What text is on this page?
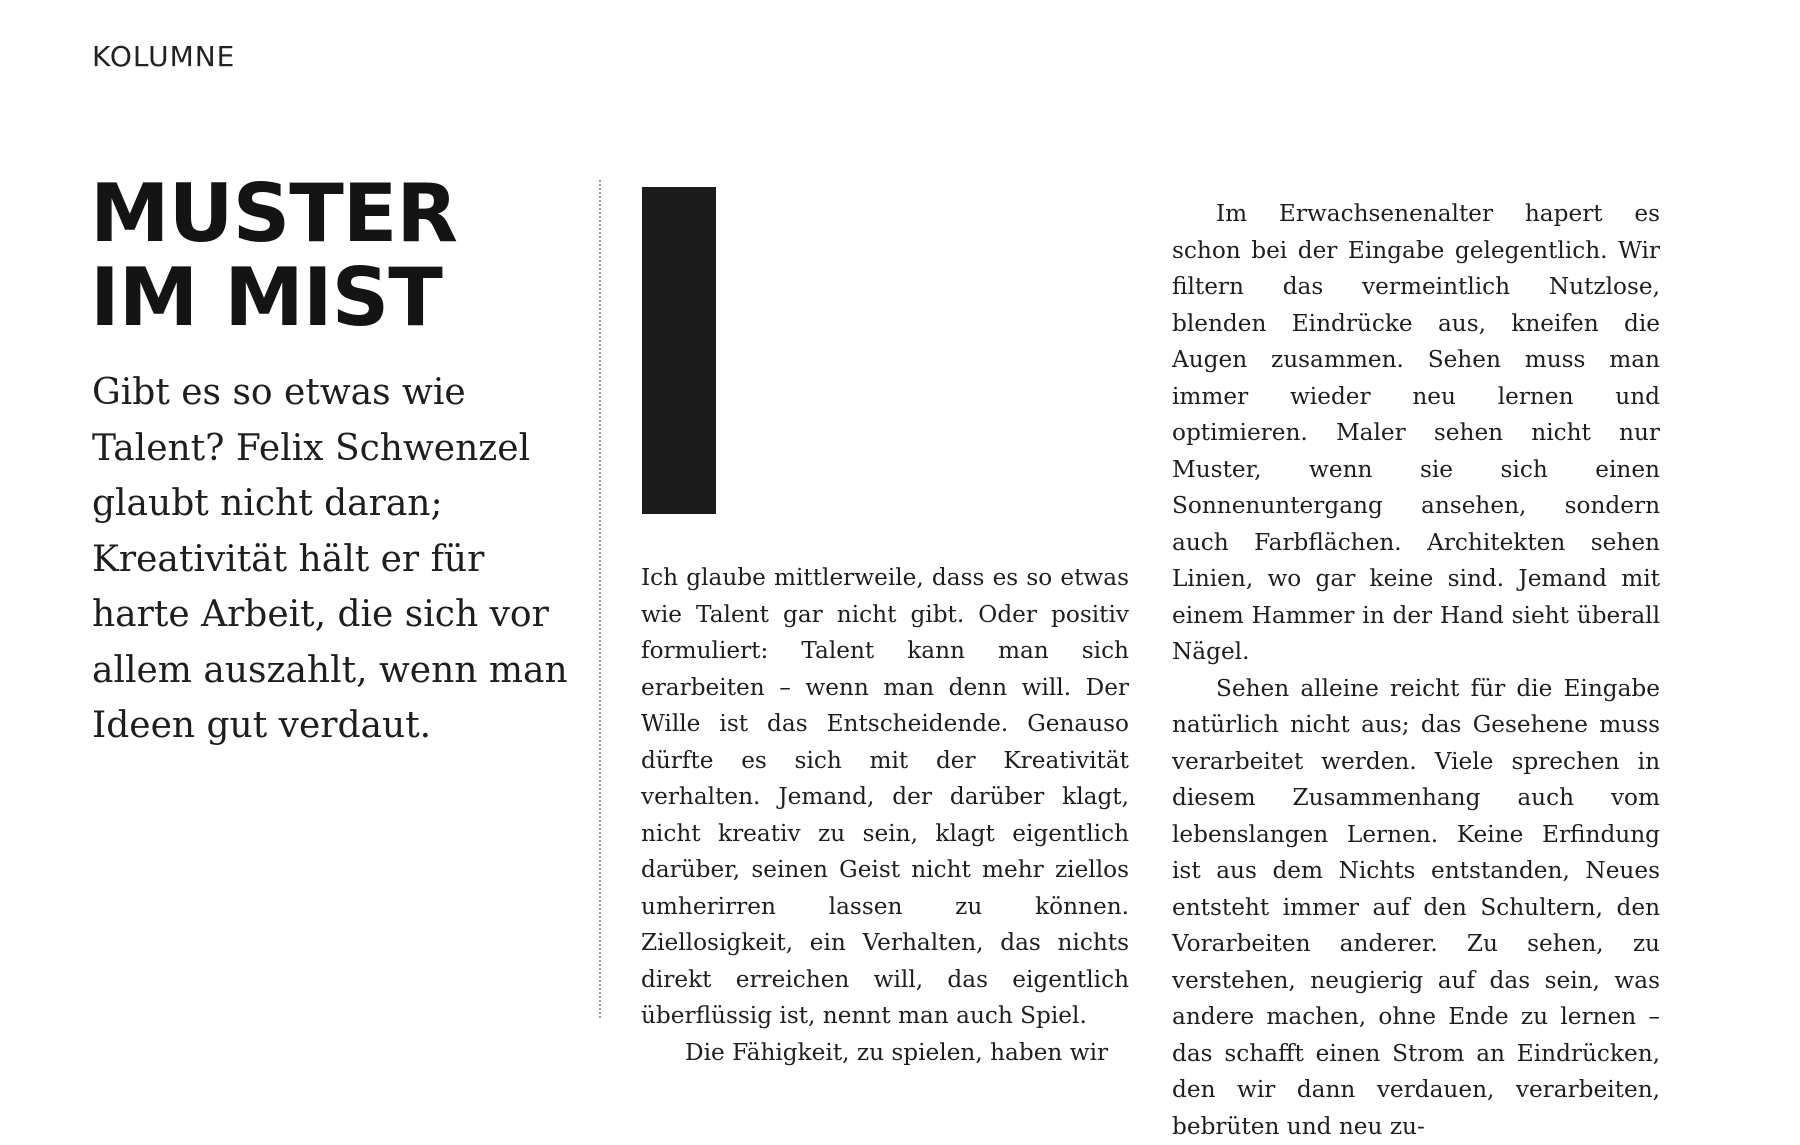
KOLUMNE
MUSTER IM MIST

Gibt es so etwas wie Talent? Felix Schwenzel glaubt nicht daran; Kreativität hält er für harte Arbeit, die sich vor allem auszahlt, wenn man Ideen gut verdaut.

Ich glaube mittlerweile, dass es so etwas wie Talent gar nicht gibt. Oder positiv formuliert: Talent kann man sich erarbeiten – wenn man denn will. Der Wille ist das Entscheidende. Genauso dürfte es sich mit der Kreativität verhalten. Jemand, der darüber klagt, nicht kreativ zu sein, klagt eigentlich darüber, seinen Geist nicht mehr ziellos umherirren lassen zu können. Ziellosigkeit, ein Verhalten, das nichts direkt erreichen will, das eigentlich überflüssig ist, nennt man auch Spiel.

Die Fähigkeit, zu spielen, haben wir

Im Erwachsenenalter hapert es schon bei der Eingabe gelegentlich. Wir filtern das vermeintlich Nutzlose, blenden Eindrücke aus, kneifen die Augen zusammen. Sehen muss man immer wieder neu lernen und optimieren. Maler sehen nicht nur Muster, wenn sie sich einen Sonnenuntergang ansehen, sondern auch Farbflächen. Architekten sehen Linien, wo gar keine sind. Jemand mit einem Hammer in der Hand sieht überall Nägel.

Sehen alleine reicht für die Eingabe natürlich nicht aus; das Gesehene muss verarbeitet werden. Viele sprechen in diesem Zusammenhang auch vom lebenslangen Lernen. Keine Erfindung ist aus dem Nichts entstanden, Neues entsteht immer auf den Schultern, den Vorarbeiten anderer. Zu sehen, zu verstehen, neugierig auf das sein, was andere machen, ohne Ende zu lernen – das schafft einen Strom an Eindrücken, den wir dann verdauen, verarbeiten, bebrüten und neu zu-
